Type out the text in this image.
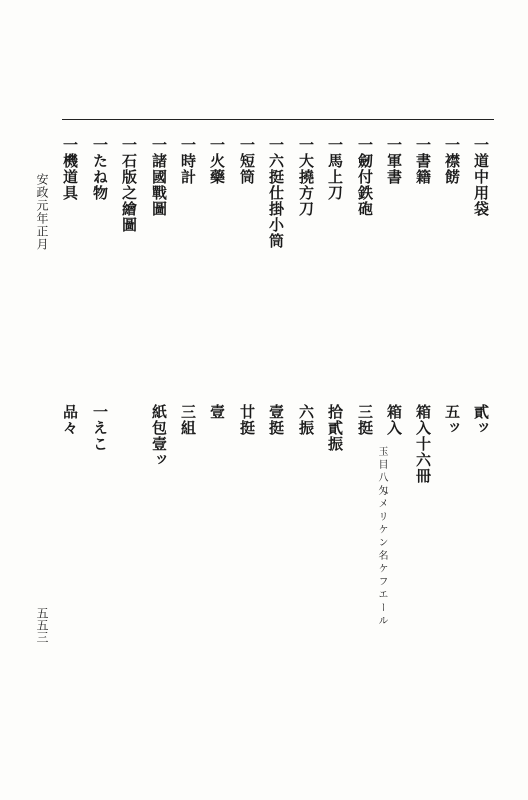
一道中用袋
一襟餝
一書籍
一軍書
一劒付鉄砲
一馬上刀
一大撓方刀
一六挺仕掛小筒
一短筒
一火藥
一時計
一諸國戰圖
一石版之繪圖
一たね物
一機道具
貳ッ
五ッ
箱入十六冊
箱入
三挺
玉目八匁メリケン名ケフエール
拾貳振
六振
壹挺
廿挺
壹
三組
紙包壹ッ
一えこ
品々
安政元年正月
五五三
